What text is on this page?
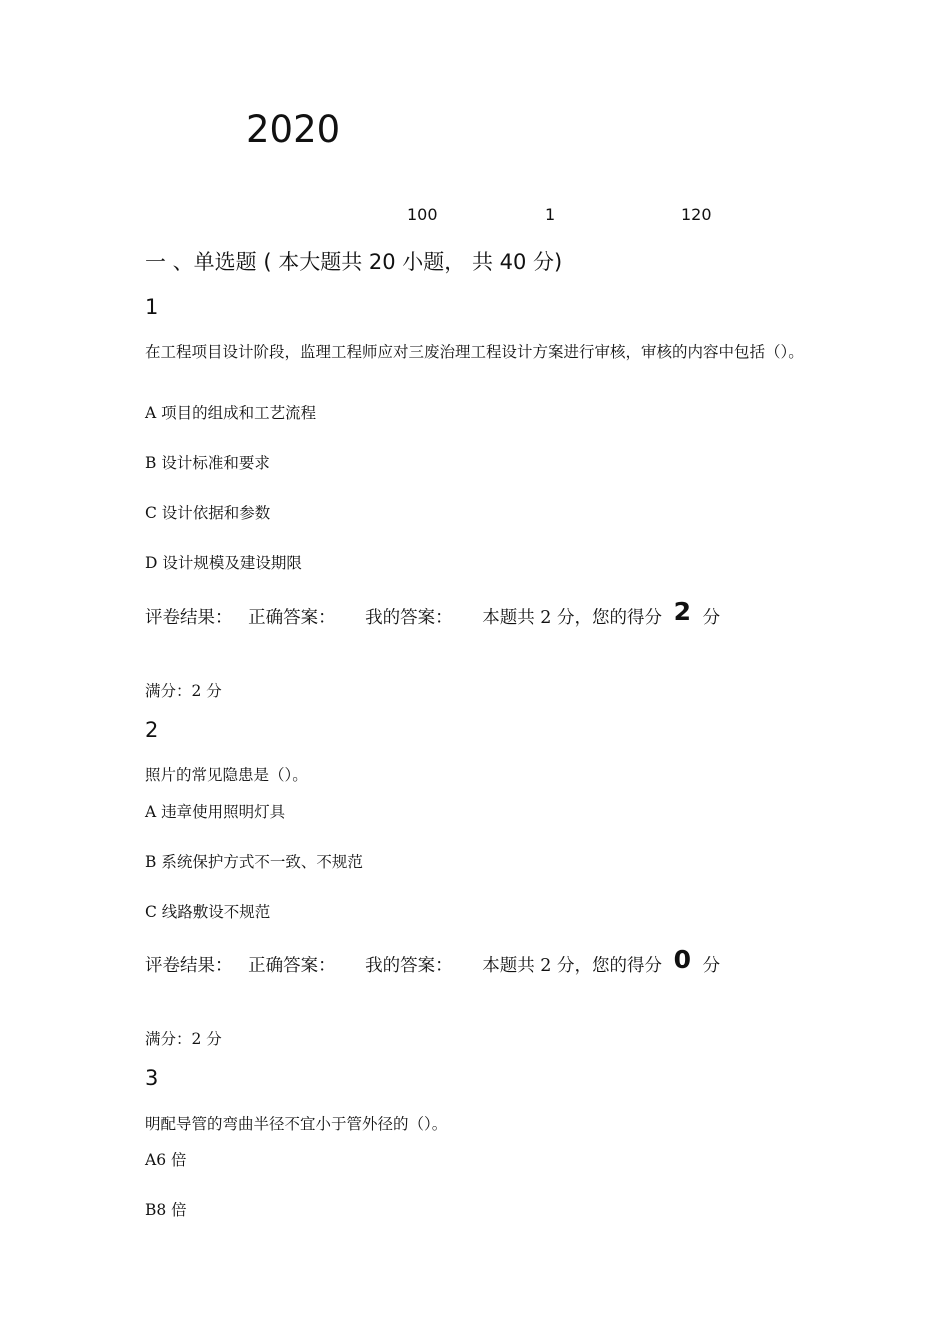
2020
100	1	120
一 、单选题 ( 本大题共 20 小题， 共 40 分)
1
在工程项目设计阶段，监理工程师应对三废治理工程设计方案进行审核，审核的内容中包括（）。
A 项目的组成和工艺流程
B 设计标准和要求
C 设计依据和参数
D 设计规模及建设期限
评卷结果： 正确答案： 我的答案： 本题共 2 分，您的得分 2 分
满分：2 分
2
照片的常见隐患是（）。
A 违章使用照明灯具
B 系统保护方式不一致、不规范
C 线路敷设不规范
评卷结果： 正确答案： 我的答案： 本题共 2 分，您的得分 0 分
满分：2 分
3
明配导管的弯曲半径不宜小于管外径的（）。
A6 倍
B8 倍
